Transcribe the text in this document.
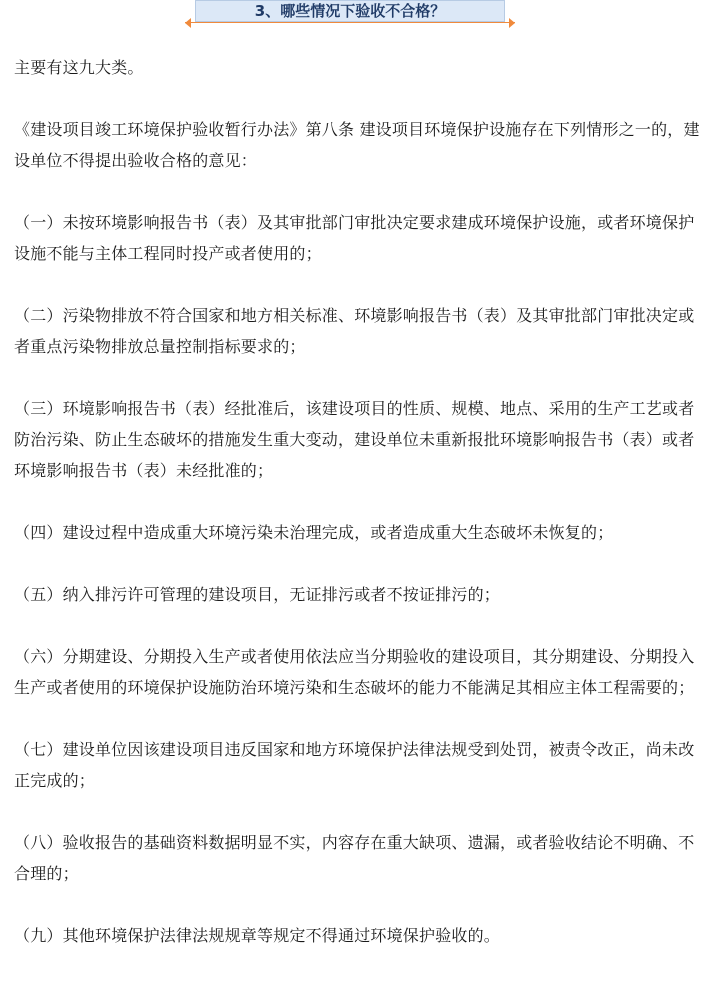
3、哪些情况下验收不合格？

主要有这九大类。

《建设项目竣工环境保护验收暂行办法》第八条 建设项目环境保护设施存在下列情形之一的，建设单位不得提出验收合格的意见：

（一）未按环境影响报告书（表）及其审批部门审批决定要求建成环境保护设施，或者环境保护设施不能与主体工程同时投产或者使用的；

（二）污染物排放不符合国家和地方相关标准、环境影响报告书（表）及其审批部门审批决定或者重点污染物排放总量控制指标要求的；

（三）环境影响报告书（表）经批准后，该建设项目的性质、规模、地点、采用的生产工艺或者防治污染、防止生态破坏的措施发生重大变动，建设单位未重新报批环境影响报告书（表）或者环境影响报告书（表）未经批准的；

（四）建设过程中造成重大环境污染未治理完成，或者造成重大生态破坏未恢复的；

（五）纳入排污许可管理的建设项目，无证排污或者不按证排污的；

（六）分期建设、分期投入生产或者使用依法应当分期验收的建设项目，其分期建设、分期投入生产或者使用的环境保护设施防治环境污染和生态破坏的能力不能满足其相应主体工程需要的；

（七）建设单位因该建设项目违反国家和地方环境保护法律法规受到处罚，被责令改正，尚未改正完成的；

（八）验收报告的基础资料数据明显不实，内容存在重大缺项、遗漏，或者验收结论不明确、不合理的；

（九）其他环境保护法律法规规章等规定不得通过环境保护验收的。
